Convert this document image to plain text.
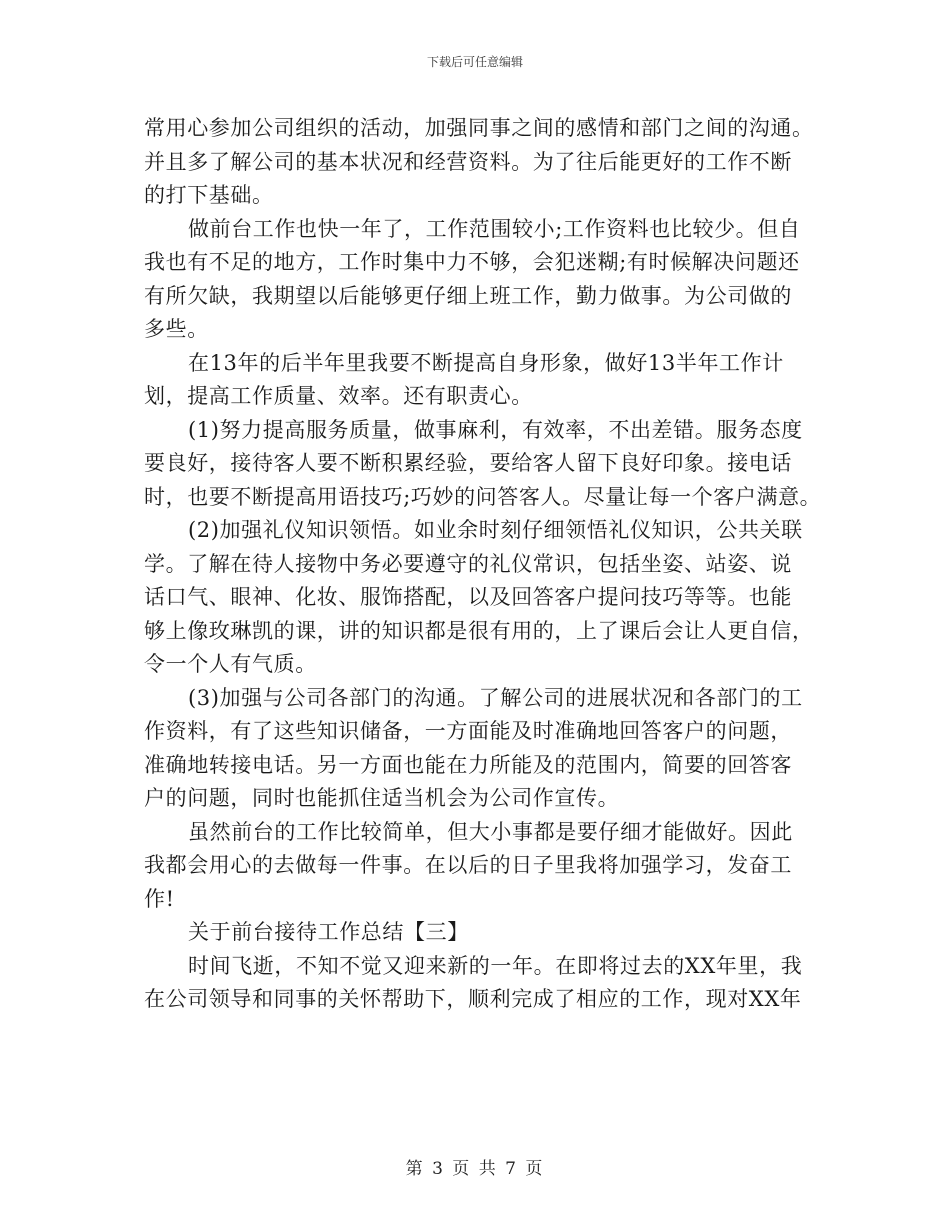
下载后可任意编辑
常用心参加公司组织的活动，加强同事之间的感情和部门之间的沟通。
并且多了解公司的基本状况和经营资料。为了往后能更好的工作不断
的打下基础。
做前台工作也快一年了，工作范围较小;工作资料也比较少。但自
我也有不足的地方，工作时集中力不够，会犯迷糊;有时候解决问题还
有所欠缺，我期望以后能够更仔细上班工作，勤力做事。为公司做的
多些。
在13年的后半年里我要不断提高自身形象，做好13半年工作计
划，提高工作质量、效率。还有职责心。
(1)努力提高服务质量，做事麻利，有效率，不出差错。服务态度
要良好，接待客人要不断积累经验，要给客人留下良好印象。接电话
时，也要不断提高用语技巧;巧妙的问答客人。尽量让每一个客户满意。
(2)加强礼仪知识领悟。如业余时刻仔细领悟礼仪知识，公共关联
学。了解在待人接物中务必要遵守的礼仪常识，包括坐姿、站姿、说
话口气、眼神、化妆、服饰搭配，以及回答客户提问技巧等等。也能
够上像玫琳凯的课，讲的知识都是很有用的，上了课后会让人更自信，
令一个人有气质。
(3)加强与公司各部门的沟通。了解公司的进展状况和各部门的工
作资料，有了这些知识储备，一方面能及时准确地回答客户的问题，
准确地转接电话。另一方面也能在力所能及的范围内，简要的回答客
户的问题，同时也能抓住适当机会为公司作宣传。
虽然前台的工作比较简单，但大小事都是要仔细才能做好。因此
我都会用心的去做每一件事。在以后的日子里我将加强学习，发奋工
作!
关于前台接待工作总结【三】
时间飞逝，不知不觉又迎来新的一年。在即将过去的XX年里，我
在公司领导和同事的关怀帮助下，顺利完成了相应的工作，现对XX年
第 3 页 共 7 页
